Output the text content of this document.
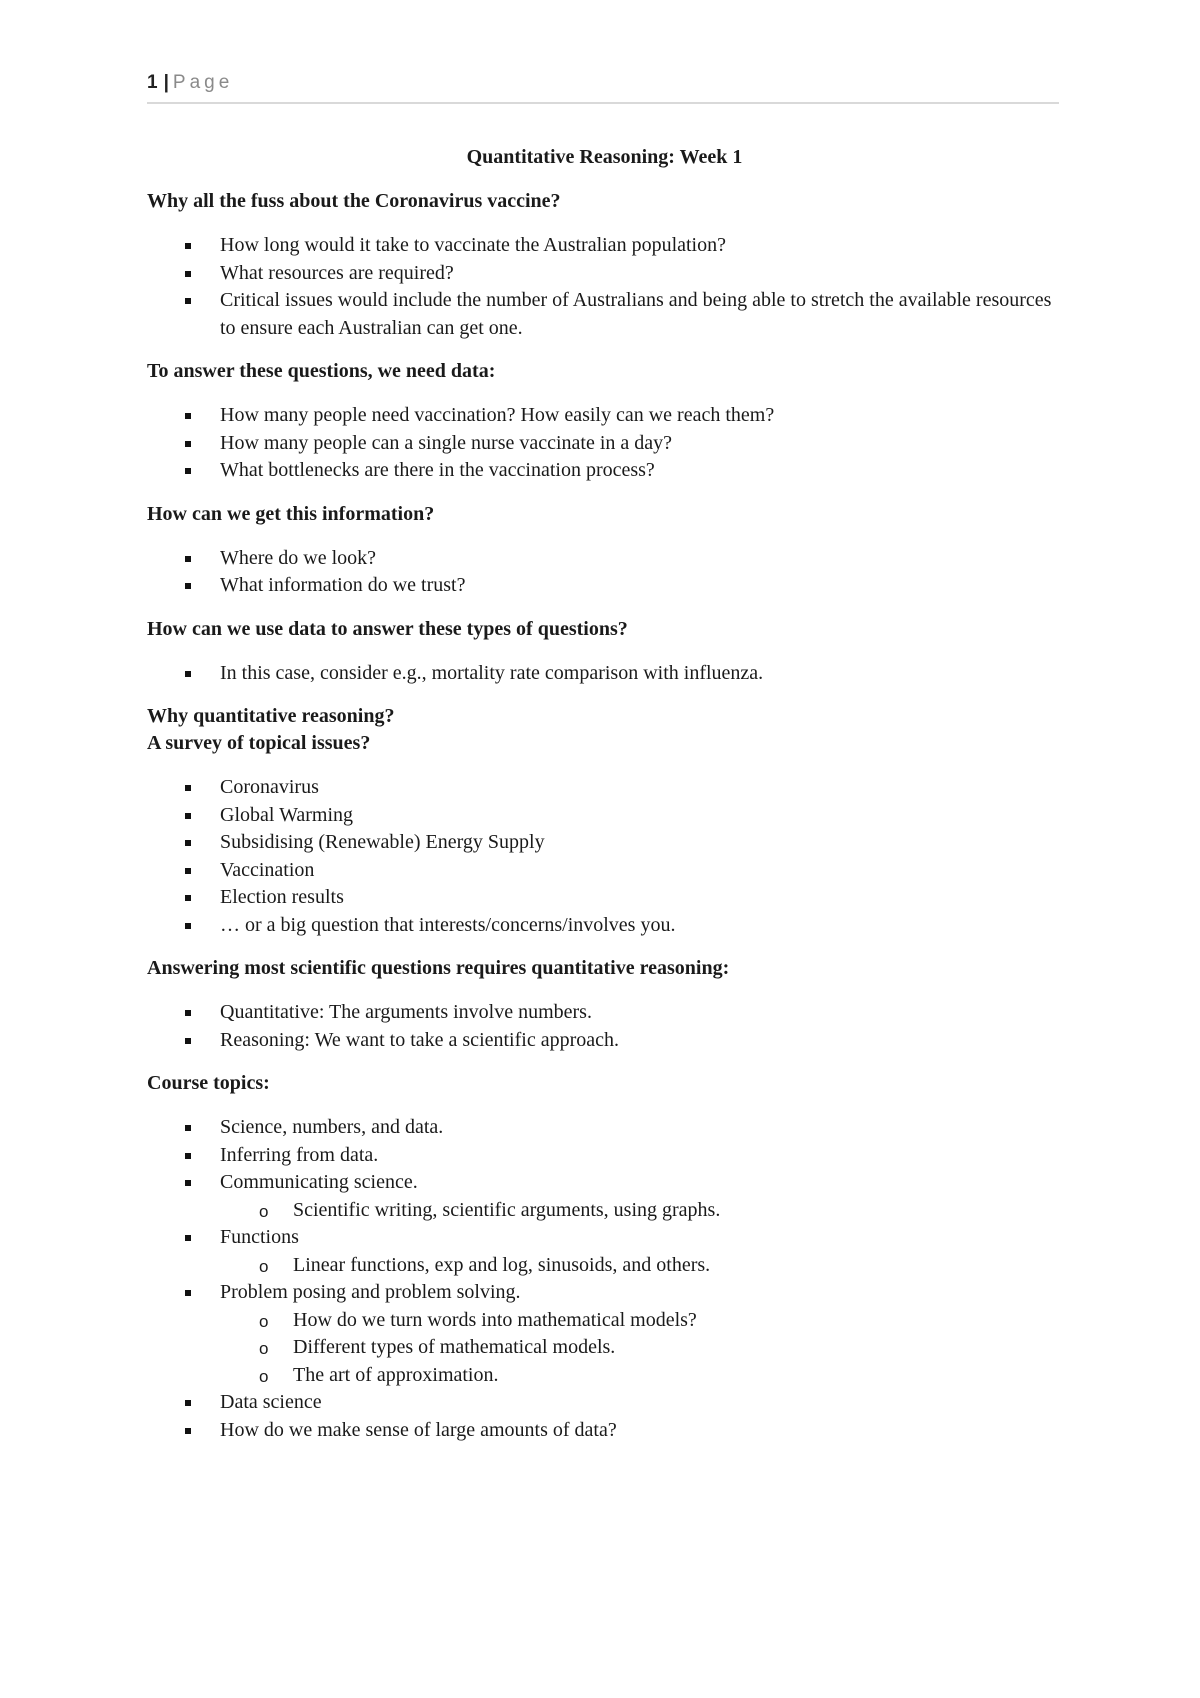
1 | Page
Quantitative Reasoning: Week 1
Why all the fuss about the Coronavirus vaccine?
How long would it take to vaccinate the Australian population?
What resources are required?
Critical issues would include the number of Australians and being able to stretch the available resources to ensure each Australian can get one.
To answer these questions, we need data:
How many people need vaccination? How easily can we reach them?
How many people can a single nurse vaccinate in a day?
What bottlenecks are there in the vaccination process?
How can we get this information?
Where do we look?
What information do we trust?
How can we use data to answer these types of questions?
In this case, consider e.g., mortality rate comparison with influenza.
Why quantitative reasoning?
A survey of topical issues?
Coronavirus
Global Warming
Subsidising (Renewable) Energy Supply
Vaccination
Election results
… or a big question that interests/concerns/involves you.
Answering most scientific questions requires quantitative reasoning:
Quantitative: The arguments involve numbers.
Reasoning: We want to take a scientific approach.
Course topics:
Science, numbers, and data.
Inferring from data.
Communicating science.
o Scientific writing, scientific arguments, using graphs.
Functions
o Linear functions, exp and log, sinusoids, and others.
Problem posing and problem solving.
o How do we turn words into mathematical models?
o Different types of mathematical models.
o The art of approximation.
Data science
How do we make sense of large amounts of data?
